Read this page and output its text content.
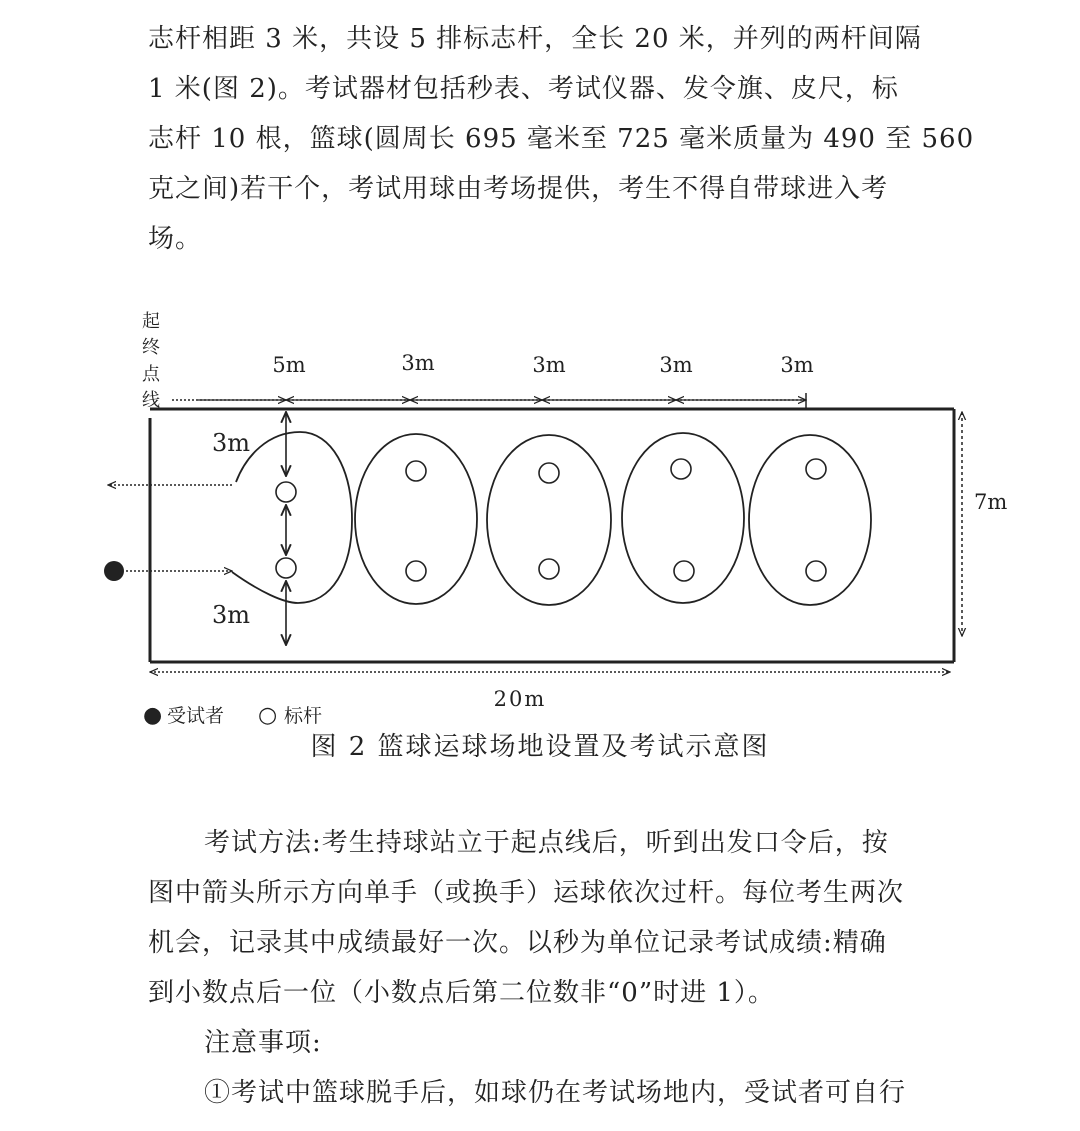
志杆相距 3 米，共设 5 排标志杆，全长 20 米，并列的两杆间隔
1 米(图 2)。考试器材包括秒表、考试仪器、发令旗、皮尺，标
志杆 10 根，篮球(圆周长 695 毫米至 725 毫米质量为 490 至 560
克之间)若干个，考试用球由考场提供，考生不得自带球进入考
场。
起
终
点
线
5m	3m	3m	3m	3m
3m
3m
7m
20m
● 受试者 ○ 标杆
图 2 篮球运球场地设置及考试示意图
考试方法:考生持球站立于起点线后，听到出发口令后，按
图中箭头所示方向单手（或换手）运球依次过杆。每位考生两次
机会，记录其中成绩最好一次。以秒为单位记录考试成绩:精确
到小数点后一位（小数点后第二位数非“0”时进 1）。
注意事项:
①考试中篮球脱手后，如球仍在考试场地内，受试者可自行
